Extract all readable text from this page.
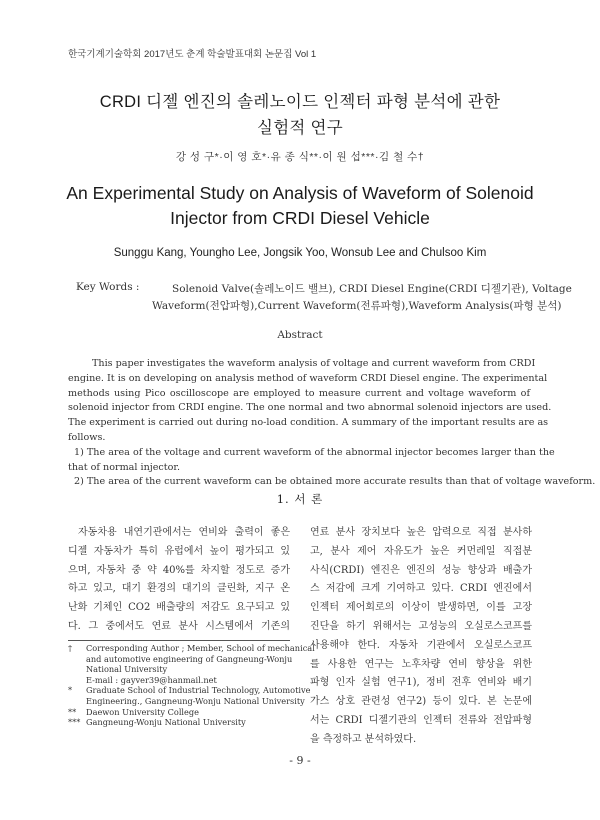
한국기계기술학회 2017년도 춘계 학술발표대회 논문집 Vol 1
CRDI 디젤 엔진의 솔레노이드 인젝터 파형 분석에 관한
실험적 연구
강 성 구*·이 영 호*·유 종 식**·이 원 섭***·김 철 수†
An Experimental Study on Analysis of Waveform of Solenoid
Injector from CRDI Diesel Vehicle
Sunggu Kang, Youngho Lee, Jongsik Yoo, Wonsub Lee and Chulsoo Kim
Key Words :	Solenoid Valve(솔레노이드 밸브), CRDI Diesel Engine(CRDI 디젤기관), Voltage
Waveform(전압파형),Current Waveform(전류파형),Waveform Analysis(파형 분석)
Abstract
This paper investigates the waveform analysis of voltage and current waveform from CRDI
engine. It is on developing on analysis method of waveform CRDI Diesel engine. The experimental
methods using Pico oscilloscope are employed to measure current and voltage waveform of
solenoid injector from CRDI engine. The one normal and two abnormal solenoid injectors are used.
The experiment is carried out during no-load condition. A summary of the important results are as
follows.
1) The area of the voltage and current waveform of the abnormal injector becomes larger than the
that of normal injector.
2) The area of the current waveform can be obtained more accurate results than that of voltage waveform.
1. 서 론
자동차용 내연기관에서는 연비와 출력이 좋은
디젤 자동차가 특히 유럽에서 높이 평가되고 있
으며, 자동차 중 약 40%를 차지할 정도로 증가
하고 있고, 대기 환경의 대기의 클린화, 지구 온
난화 기체인 CO2 배출량의 저감도 요구되고 있
다. 그 중에서도 연료 분사 시스템에서 기존의
† Corresponding Author ; Member, School of mechanical
and automotive engineering of Gangneung-Wonju
National University
E-mail : gayver39@hanmail.net
* Graduate School of Industrial Technology, Automotive
Engineering., Gangneung-Wonju National University
** Daewon University College
*** Gangneung-Wonju National University
연료 분사 장치보다 높은 압력으로 직접 분사하
고, 분사 제어 자유도가 높은 커먼레일 직접분
사식(CRDI) 엔진은 엔진의 성능 향상과 배출가
스 저감에 크게 기여하고 있다. CRDI 엔진에서
인젝터 제어회로의 이상이 발생하면, 이를 고장
진단을 하기 위해서는 고성능의 오실로스코프를
사용해야 한다. 자동차 기관에서 오실로스코프
를 사용한 연구는 노후차량 연비 향상을 위한
파형 인자 실험 연구1), 정비 전후 연비와 배기
가스 상호 관련성 연구2) 등이 있다. 본 논문에
서는 CRDI 디젤기관의 인젝터 전류와 전압파형
을 측정하고 분석하였다.
- 9 -
